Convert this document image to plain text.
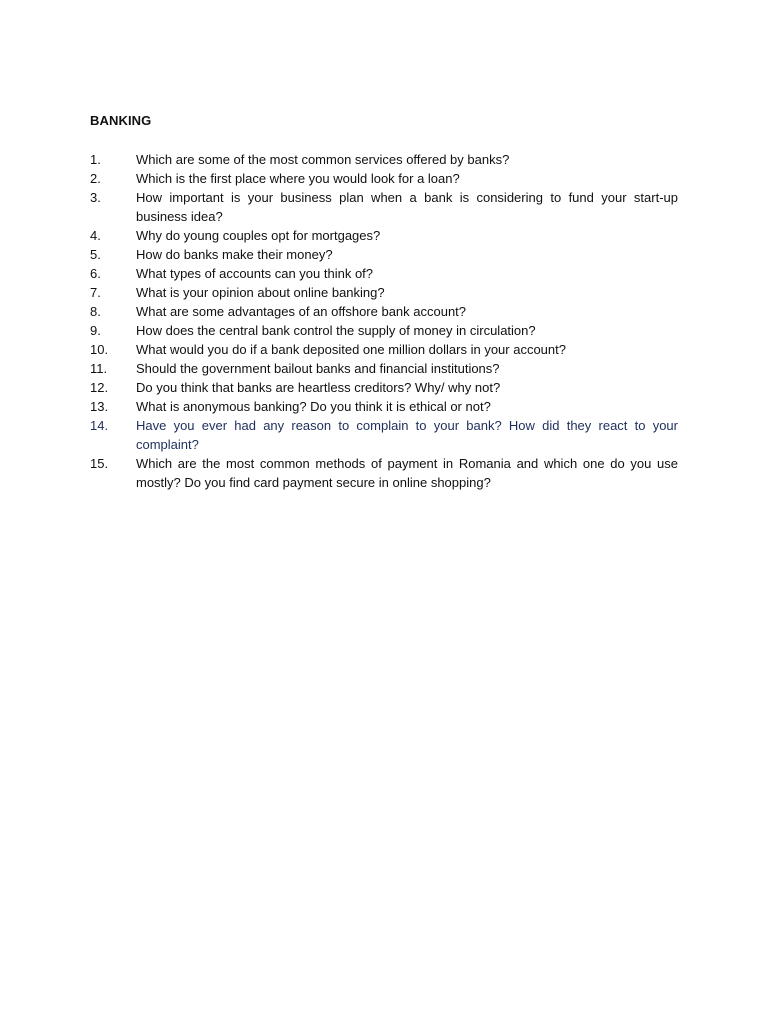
BANKING
1.	Which are some of the most common services offered by banks?
2.	Which is the first place where you would look for a loan?
3.	How important is your business plan when a bank is considering to fund your start-up business idea?
4.	Why do young couples opt for mortgages?
5.	How do banks make their money?
6.	What types of accounts can you think of?
7.	What is your opinion about online banking?
8.	What are some advantages of an offshore bank account?
9.	How does the central bank control the supply of money in circulation?
10.	What would you do if a bank deposited one million dollars in your account?
11.	Should the government bailout banks and financial institutions?
12.	Do you think that banks are heartless creditors? Why/ why not?
13.	What is anonymous banking? Do you think it is ethical or not?
14.	Have you ever had any reason to complain to your bank? How did they react to your complaint?
15.	Which are the most common methods of payment in Romania and which one do you use mostly? Do you find card payment secure in online shopping?
